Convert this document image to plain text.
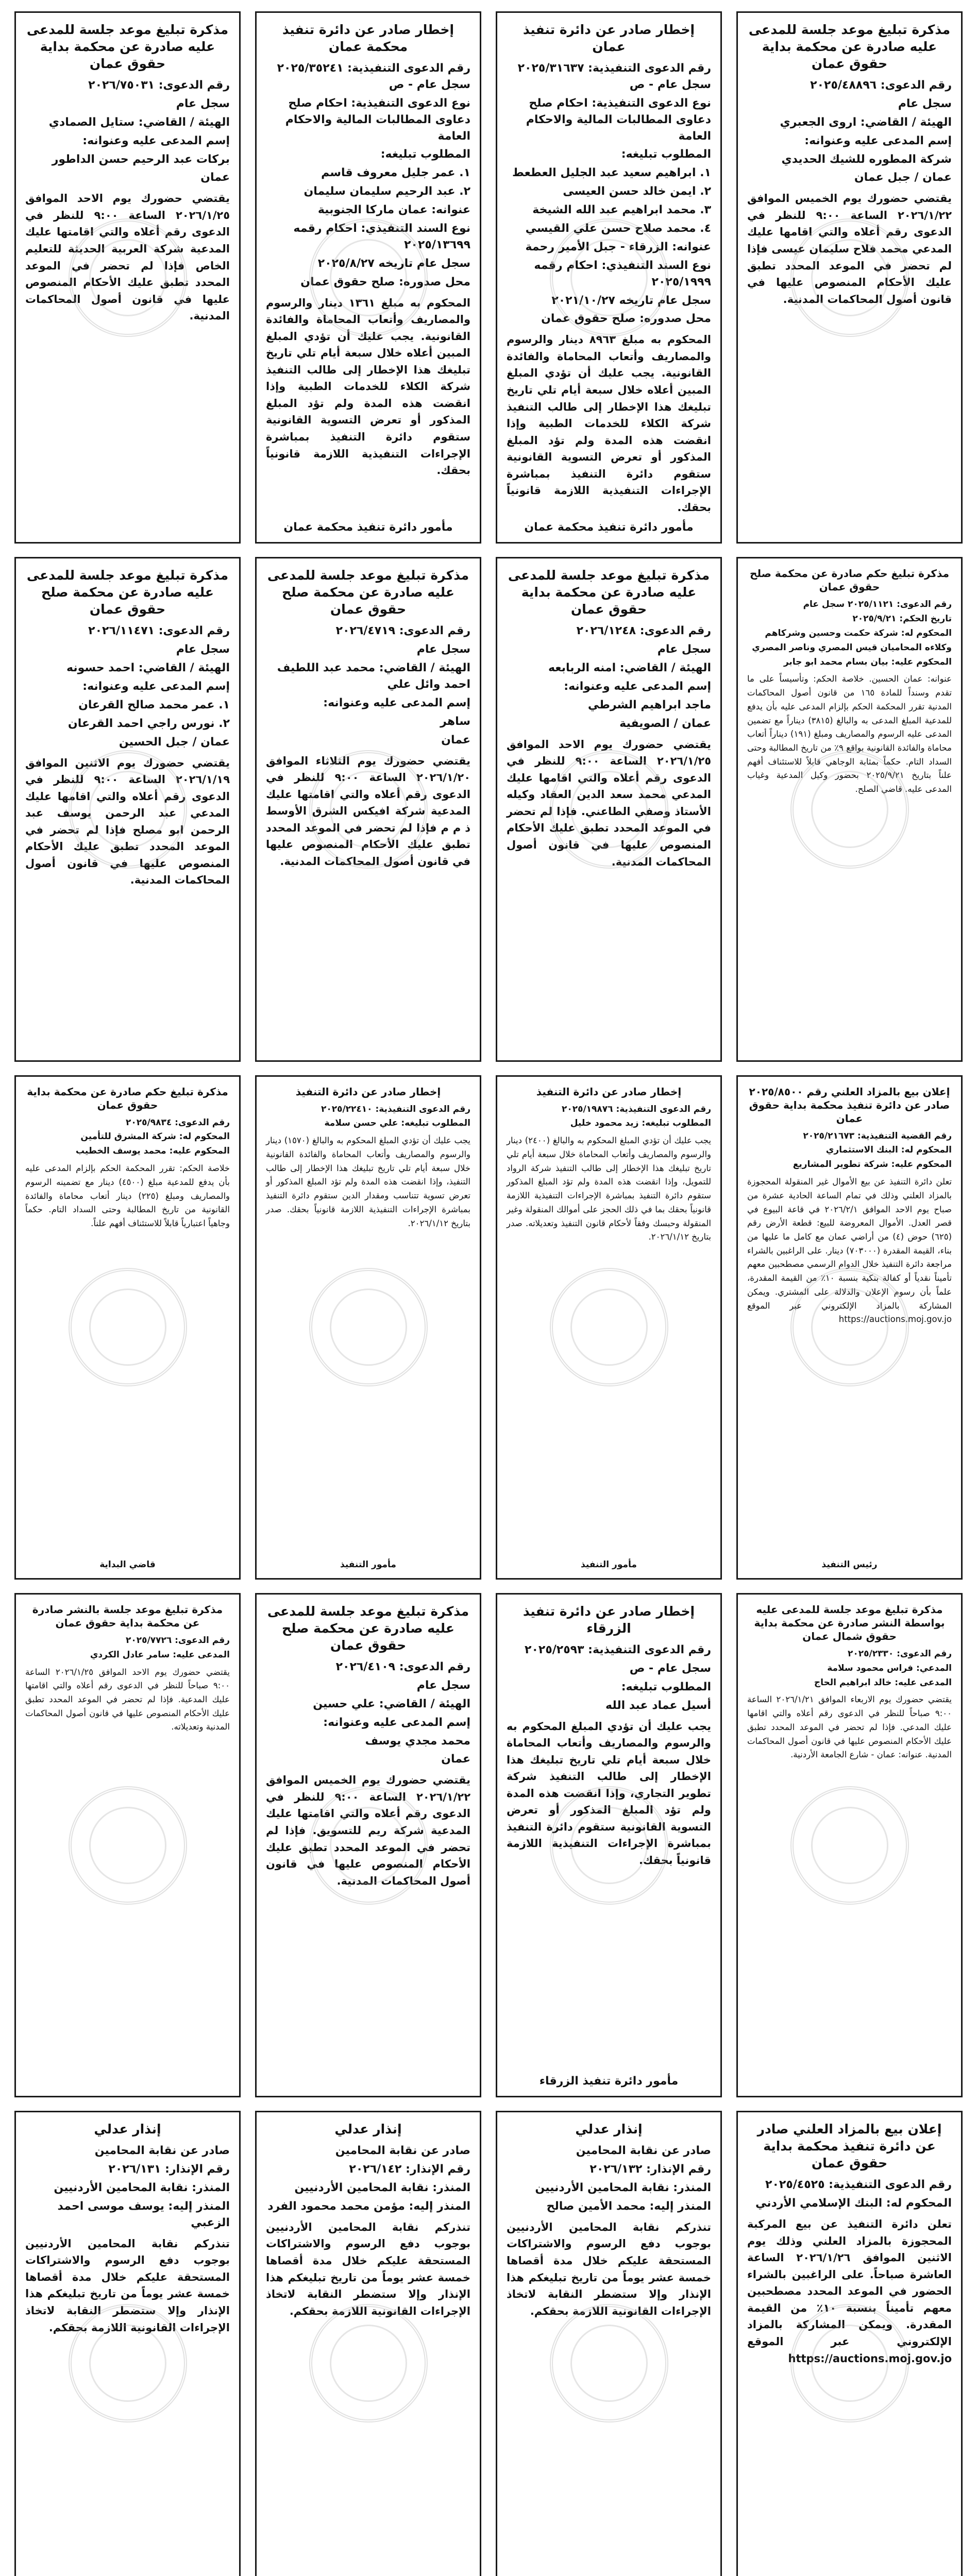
مذكرة تبليغ موعد جلسة للمدعى عليه صادرة عن محكمة بداية حقوق عمان
رقم الدعوى: ٢٠٢٥/٤٨٨٩٦
سجل عام
الهيئة / القاضي: اروى الجعبري
إسم المدعى عليه وعنوانه:
شركة المطوره للشيك الحديدي
عمان / جبل عمان
يقتضي حضورك يوم الخميس الموافق ٢٠٢٦/١/٢٢ الساعة ٩:٠٠ للنظر في الدعوى رقم أعلاه والتي اقامها عليك المدعي محمد فلاح سليمان عيسى فإذا لم تحضر في الموعد المحدد تطبق عليك الأحكام المنصوص عليها في قانون أصول المحاكمات المدنية.
إخطار صادر عن دائرة تنفيذ عمان
رقم الدعوى التنفيذية: ٢٠٢٥/٣١٦٣٧ سجل عام - ص
نوع الدعوى التنفيذية: احكام صلح دعاوى المطالبات المالية والاحكام العامة
المطلوب تبليغه:
١. ابراهيم سعيد عبد الجليل العطعط
٢. ايمن خالد حسن العيسى
٣. محمد ابراهيم عبد الله الشيخة
٤. محمد صلاح حسن علي القيسي
عنوانه: الزرقاء - جبل الأمير رحمة
نوع السند التنفيذي: احكام رقمه ٢٠٢٥/١٩٩٩
سجل عام تاريخه ٢٠٢١/١٠/٢٧
محل صدوره: صلح حقوق عمان
المحكوم به مبلغ ٨٩٦٣ دينار والرسوم والمصاريف وأتعاب المحاماة والفائدة القانونية. يجب عليك أن تؤدي المبلغ المبين أعلاه خلال سبعة أيام تلي تاريخ تبليغك هذا الإخطار إلى طالب التنفيذ شركة الكلاء للخدمات الطبية وإذا انقضت هذه المدة ولم تؤد المبلغ المذكور أو تعرض التسوية القانونية ستقوم دائرة التنفيذ بمباشرة الإجراءات التنفيذية اللازمة قانونياً بحقك.
مأمور دائرة تنفيذ محكمة عمان
إخطار صادر عن دائرة تنفيذ محكمة عمان
رقم الدعوى التنفيذية: ٢٠٢٥/٣٥٢٤١ سجل عام - ص
نوع الدعوى التنفيذية: احكام صلح دعاوى المطالبات المالية والاحكام العامة
المطلوب تبليغه:
١. عمر جليل معروف قاسم
٢. عبد الرحيم سليمان سليمان
عنوانه: عمان ماركا الجنوبية
نوع السند التنفيذي: احكام رقمه ٢٠٢٥/١٣٦٩٩
سجل عام تاريخه ٢٠٢٥/٨/٢٧
محل صدوره: صلح حقوق عمان
المحكوم به مبلغ ١٣٦١ دينار والرسوم والمصاريف وأتعاب المحاماة والفائدة القانونية. يجب عليك أن تؤدي المبلغ المبين أعلاه خلال سبعة أيام تلي تاريخ تبليغك هذا الإخطار إلى طالب التنفيذ شركة الكلاء للخدمات الطبية وإذا انقضت هذه المدة ولم تؤد المبلغ المذكور أو تعرض التسوية القانونية ستقوم دائرة التنفيذ بمباشرة الإجراءات التنفيذية اللازمة قانونياً بحقك.
مأمور دائرة تنفيذ محكمة عمان
مذكرة تبليغ موعد جلسة للمدعى عليه صادرة عن محكمة بداية حقوق عمان
رقم الدعوى: ٢٠٢٦/٧٥٠٣١
سجل عام
الهيئة / القاضي: ستايل الصمادي
إسم المدعى عليه وعنوانه:
بركات عبد الرحيم حسن الداطور
عمان
يقتضي حضورك يوم الاحد الموافق ٢٠٢٦/١/٢٥ الساعة ٩:٠٠ للنظر في الدعوى رقم أعلاه والتي اقامتها عليك المدعية شركة العربية الحديثة للتعليم الخاص فإذا لم تحضر في الموعد المحدد تطبق عليك الأحكام المنصوص عليها في قانون أصول المحاكمات المدنية.
مذكرة تبليغ حكم صادرة عن محكمة صلح حقوق عمان
رقم الدعوى: ٢٠٢٥/١١٢١ سجل عام
تاريخ الحكم: ٢٠٢٥/٩/٢١
المحكوم له: شركة حكمت وحسين وشركاهم
وكلاءه المحاميان قيس المصري وناصر المصري
المحكوم عليه: بيان بسام محمد ابو جابر
عنوانه: عمان الحسين. خلاصة الحكم: وتأسيساً على ما تقدم وسنداً للمادة ١٦٥ من قانون أصول المحاكمات المدنية تقرر المحكمة الحكم بإلزام المدعى عليه بأن يدفع للمدعية المبلغ المدعى به والبالغ (٣٨١٥) ديناراً مع تضمين المدعى عليه الرسوم والمصاريف ومبلغ (١٩١) ديناراً أتعاب محاماة والفائدة القانونية بواقع ٩٪ من تاريخ المطالبة وحتى السداد التام. حكماً بمثابة الوجاهي قابلاً للاستئناف أفهم علناً بتاريخ ٢٠٢٥/٩/٢١ بحضور وكيل المدعية وغياب المدعى عليه. قاضي الصلح.
مذكرة تبليغ موعد جلسة للمدعى عليه صادرة عن محكمة بداية حقوق عمان
رقم الدعوى: ٢٠٢٦/١٢٤٨
سجل عام
الهيئة / القاضي: امنه الربابعه
إسم المدعى عليه وعنوانه:
ماجد ابراهيم الشرطي
عمان / الصويفية
يقتضي حضورك يوم الاحد الموافق ٢٠٢٦/١/٢٥ الساعة ٩:٠٠ للنظر في الدعوى رقم أعلاه والتي اقامها عليك المدعي محمد سعد الدين العقاد وكيله الأستاذ وصفي الطاعني. فإذا لم تحضر في الموعد المحدد تطبق عليك الأحكام المنصوص عليها في قانون أصول المحاكمات المدنية.
مذكرة تبليغ موعد جلسة للمدعى عليه صادرة عن محكمة صلح حقوق عمان
رقم الدعوى: ٢٠٢٦/٤٧١٩
سجل عام
الهيئة / القاضي: محمد عبد اللطيف احمد وائل علي
إسم المدعى عليه وعنوانه:
ساهر
عمان
يقتضي حضورك يوم الثلاثاء الموافق ٢٠٢٦/١/٢٠ الساعة ٩:٠٠ للنظر في الدعوى رقم أعلاه والتي اقامتها عليك المدعية شركة افيكس الشرق الأوسط ذ م م فإذا لم تحضر في الموعد المحدد تطبق عليك الأحكام المنصوص عليها في قانون أصول المحاكمات المدنية.
مذكرة تبليغ موعد جلسة للمدعى عليه صادرة عن محكمة صلح حقوق عمان
رقم الدعوى: ٢٠٢٦/١١٤٧١
سجل عام
الهيئة / القاضي: احمد حسونه
إسم المدعى عليه وعنوانه:
١. عمر محمد صالح القرعان
٢. نورس راجي احمد القرعان
عمان / جبل الحسين
يقتضي حضورك يوم الاثنين الموافق ٢٠٢٦/١/١٩ الساعة ٩:٠٠ للنظر في الدعوى رقم أعلاه والتي اقامها عليك المدعي عبد الرحمن يوسف عبد الرحمن ابو مصلح فإذا لم تحضر في الموعد المحدد تطبق عليك الأحكام المنصوص عليها في قانون أصول المحاكمات المدنية.
إعلان بيع بالمزاد العلني رقم ٢٠٢٥/٨٥٠٠ صادر عن دائرة تنفيذ محكمة بداية حقوق عمان
رقم القضية التنفيذية: ٢٠٢٥/٢١٦٧٣
المحكوم له: البنك الاستثماري
المحكوم عليه: شركة تطوير المشاريع
تعلن دائرة التنفيذ عن بيع الأموال غير المنقولة المحجوزة بالمزاد العلني وذلك في تمام الساعة الحادية عشرة من صباح يوم الاحد الموافق ٢٠٢٦/٢/١ في قاعة البيوع في قصر العدل. الأموال المعروضة للبيع: قطعة الأرض رقم (٦٢٥) حوض (٤) من أراضي عمان مع كامل ما عليها من بناء، القيمة المقدرة (٧٠٣٠٠٠) دينار. على الراغبين بالشراء مراجعة دائرة التنفيذ خلال الدوام الرسمي مصطحبين معهم تأميناً نقدياً أو كفالة بنكية بنسبة ١٠٪ من القيمة المقدرة، علماً بأن رسوم الإعلان والدلالة على المشتري. ويمكن المشاركة بالمزاد الإلكتروني عبر الموقع https://auctions.moj.gov.jo
رئيس التنفيذ
إخطار صادر عن دائرة التنفيذ
رقم الدعوى التنفيذية: ٢٠٢٥/١٩٨٧٦
المطلوب تبليغه: زيد محمود خليل
يجب عليك أن تؤدي المبلغ المحكوم به والبالغ (٢٤٠٠) دينار والرسوم والمصاريف وأتعاب المحاماة خلال سبعة أيام تلي تاريخ تبليغك هذا الإخطار إلى طالب التنفيذ شركة الرواد للتمويل، وإذا انقضت هذه المدة ولم تؤد المبلغ المذكور ستقوم دائرة التنفيذ بمباشرة الإجراءات التنفيذية اللازمة قانونياً بحقك بما في ذلك الحجز على أموالك المنقولة وغير المنقولة وحبسك وفقاً لأحكام قانون التنفيذ وتعديلاته. صدر بتاريخ ٢٠٢٦/١/١٢.
مأمور التنفيذ
إخطار صادر عن دائرة التنفيذ
رقم الدعوى التنفيذية: ٢٠٢٥/٢٢٤١٠
المطلوب تبليغه: علي حسن سلامة
يجب عليك أن تؤدي المبلغ المحكوم به والبالغ (١٥٧٠) دينار والرسوم والمصاريف وأتعاب المحاماة والفائدة القانونية خلال سبعة أيام تلي تاريخ تبليغك هذا الإخطار إلى طالب التنفيذ، وإذا انقضت هذه المدة ولم تؤد المبلغ المذكور أو تعرض تسوية تتناسب ومقدار الدين ستقوم دائرة التنفيذ بمباشرة الإجراءات التنفيذية اللازمة قانونياً بحقك. صدر بتاريخ ٢٠٢٦/١/١٢.
مأمور التنفيذ
مذكرة تبليغ حكم صادرة عن محكمة بداية حقوق عمان
رقم الدعوى: ٢٠٢٥/٩٨٣٤
المحكوم له: شركة المشرق للتأمين
المحكوم عليه: محمد يوسف الخطيب
خلاصة الحكم: تقرر المحكمة الحكم بإلزام المدعى عليه بأن يدفع للمدعية مبلغ (٤٥٠٠) دينار مع تضمينه الرسوم والمصاريف ومبلغ (٢٢٥) دينار أتعاب محاماة والفائدة القانونية من تاريخ المطالبة وحتى السداد التام. حكماً وجاهياً اعتبارياً قابلاً للاستئناف أفهم علناً.
قاضي البداية
مذكرة تبليغ موعد جلسة للمدعى عليه بواسطة النشر صادرة عن محكمة بداية حقوق شمال عمان
رقم الدعوى: ٢٠٢٥/٢٣٣٠
المدعي: فراس محمود سلامة
المدعى عليه: خالد ابراهيم الحاج
يقتضي حضورك يوم الاربعاء الموافق ٢٠٢٦/١/٢١ الساعة ٩:٠٠ صباحاً للنظر في الدعوى رقم أعلاه والتي اقامها عليك المدعي. فإذا لم تحضر في الموعد المحدد تطبق عليك الأحكام المنصوص عليها في قانون أصول المحاكمات المدنية. عنوانه: عمان - شارع الجامعة الأردنية.
إخطار صادر عن دائرة تنفيذ الزرقاء
رقم الدعوى التنفيذية: ٢٠٢٥/٢٥٩٣
سجل عام - ص
المطلوب تبليغه:
أسيل عماد عبد الله
يجب عليك أن تؤدي المبلغ المحكوم به والرسوم والمصاريف وأتعاب المحاماة خلال سبعة أيام تلي تاريخ تبليغك هذا الإخطار إلى طالب التنفيذ شركة تطوير التجاري، وإذا انقضت هذه المدة ولم تؤد المبلغ المذكور أو تعرض التسوية القانونية ستقوم دائرة التنفيذ بمباشرة الإجراءات التنفيذية اللازمة قانونياً بحقك.
مأمور دائرة تنفيذ الزرقاء
مذكرة تبليغ موعد جلسة للمدعى عليه صادرة عن محكمة صلح حقوق عمان
رقم الدعوى: ٢٠٢٦/٤١٠٩
سجل عام
الهيئة / القاضي: علي حسين
إسم المدعى عليه وعنوانه:
محمد مجدي يوسف
عمان
يقتضي حضورك يوم الخميس الموافق ٢٠٢٦/١/٢٢ الساعة ٩:٠٠ للنظر في الدعوى رقم أعلاه والتي اقامتها عليك المدعية شركة ريم للتسويق. فإذا لم تحضر في الموعد المحدد تطبق عليك الأحكام المنصوص عليها في قانون أصول المحاكمات المدنية.
مذكرة تبليغ موعد جلسة بالنشر صادرة عن محكمة بداية حقوق عمان
رقم الدعوى: ٢٠٢٥/٧٧٢٦
المدعى عليه: سامر عادل الكردي
يقتضي حضورك يوم الاحد الموافق ٢٠٢٦/١/٢٥ الساعة ٩:٠٠ صباحاً للنظر في الدعوى رقم أعلاه والتي اقامتها عليك المدعية. فإذا لم تحضر في الموعد المحدد تطبق عليك الأحكام المنصوص عليها في قانون أصول المحاكمات المدنية وتعديلاته.
إعلان بيع بالمزاد العلني صادر عن دائرة تنفيذ محكمة بداية حقوق عمان
رقم الدعوى التنفيذية: ٢٠٢٥/٤٥٢٥
المحكوم له: البنك الإسلامي الأردني
تعلن دائرة التنفيذ عن بيع المركبة المحجوزة بالمزاد العلني وذلك يوم الاثنين الموافق ٢٠٢٦/١/٢٦ الساعة العاشرة صباحاً. على الراغبين بالشراء الحضور في الموعد المحدد مصطحبين معهم تأميناً بنسبة ١٠٪ من القيمة المقدرة. ويمكن المشاركة بالمزاد الإلكتروني عبر الموقع https://auctions.moj.gov.jo
إنذار عدلي
صادر عن نقابة المحامين
رقم الإنذار: ٢٠٢٦/١٣٢
المنذر: نقابة المحامين الأردنيين
المنذر إليه: محمد الأمين صالح
تنذركم نقابة المحامين الأردنيين بوجوب دفع الرسوم والاشتراكات المستحقة عليكم خلال مدة أقصاها خمسة عشر يوماً من تاريخ تبليغكم هذا الإنذار وإلا ستضطر النقابة لاتخاذ الإجراءات القانونية اللازمة بحقكم.
إنذار عدلي
صادر عن نقابة المحامين
رقم الإنذار: ٢٠٢٦/١٤٢
المنذر: نقابة المحامين الأردنيين
المنذر إليه: مؤمن محمد محمود الفرد
تنذركم نقابة المحامين الأردنيين بوجوب دفع الرسوم والاشتراكات المستحقة عليكم خلال مدة أقصاها خمسة عشر يوماً من تاريخ تبليغكم هذا الإنذار وإلا ستضطر النقابة لاتخاذ الإجراءات القانونية اللازمة بحقكم.
إنذار عدلي
صادر عن نقابة المحامين
رقم الإنذار: ٢٠٢٦/١٣١
المنذر: نقابة المحامين الأردنيين
المنذر إليه: يوسف موسى احمد الزعبي
تنذركم نقابة المحامين الأردنيين بوجوب دفع الرسوم والاشتراكات المستحقة عليكم خلال مدة أقصاها خمسة عشر يوماً من تاريخ تبليغكم هذا الإنذار وإلا ستضطر النقابة لاتخاذ الإجراءات القانونية اللازمة بحقكم.
